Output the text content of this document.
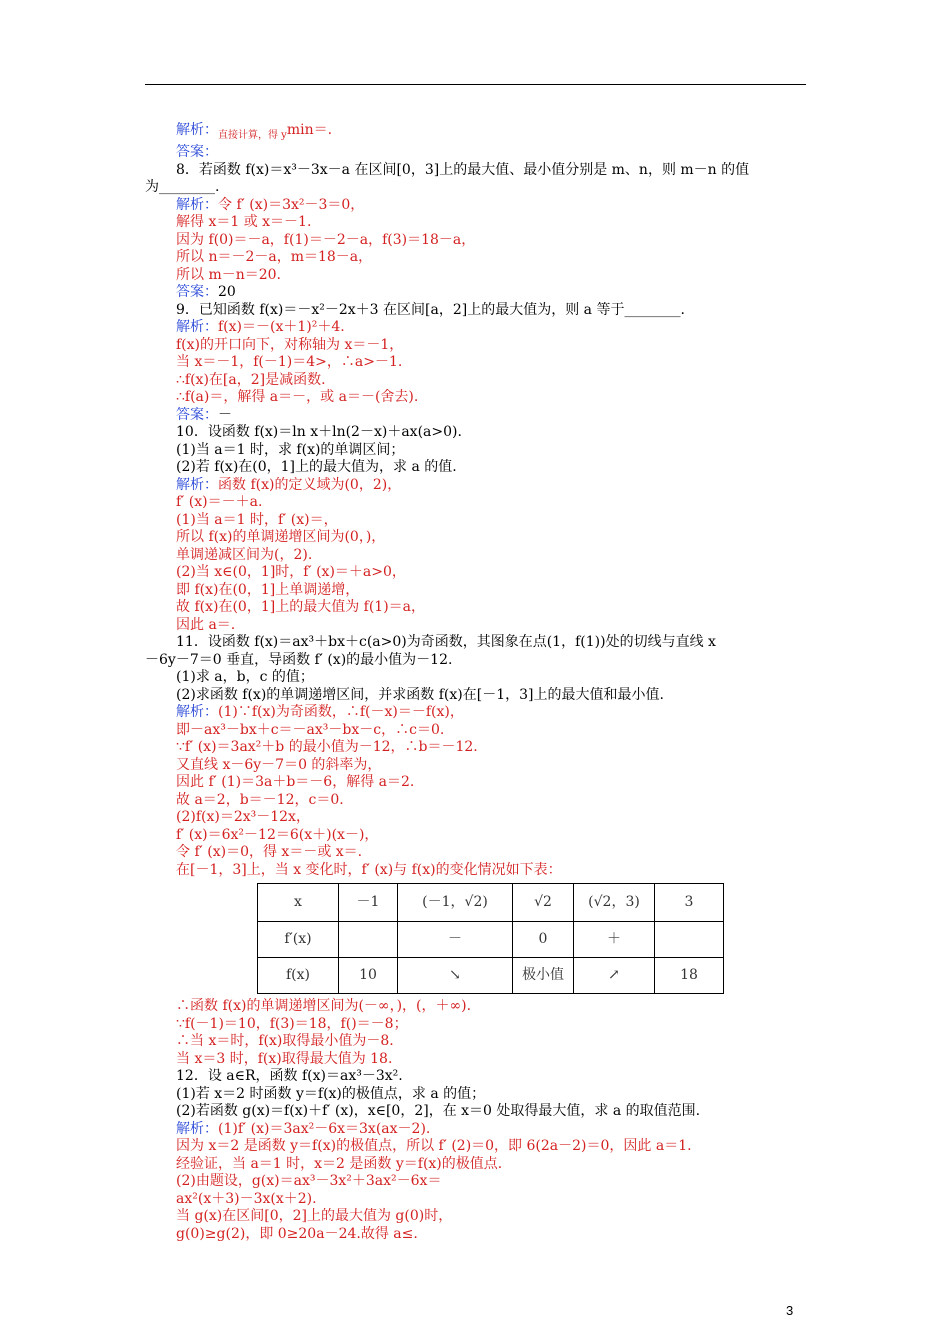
解析：$_{直接计算,得 y}$min＝.
答案：
8．若函数 f(x)＝x³－3x－a 在区间[0，3]上的最大值、最小值分别是 m、n，则 m－n 的值
为________.
解析：令 f′ (x)＝3x²－3＝0，
解得 x＝1 或 x＝－1.
因为 f(0)＝－a，f(1)＝－2－a，f(3)＝18－a，
所以 n＝－2－a，m＝18－a，
所以 m－n＝20.
答案：20
9．已知函数 f(x)＝－x²－2x＋3 在区间[a，2]上的最大值为，则 a 等于________.
解析：f(x)＝－(x＋1)²＋4.
f(x)的开口向下，对称轴为 x＝－1，
当 x＝－1，f(－1)＝4>，∴a>－1.
∴f(x)在[a，2]是减函数.
∴f(a)＝，解得 a＝－，或 a＝－(舍去).
答案：－
10．设函数 f(x)＝ln x＋ln(2－x)＋ax(a>0).
(1)当 a＝1 时，求 f(x)的单调区间；
(2)若 f(x)在(0，1]上的最大值为，求 a 的值.
解析：函数 f(x)的定义域为(0，2)，
f′ (x)＝－＋a.
(1)当 a＝1 时，f′ (x)＝，
所以 f(x)的单调递增区间为(0，)，
单调递减区间为(，2).
(2)当 x∈(0，1]时，f′ (x)＝＋a>0，
即 f(x)在(0，1]上单调递增，
故 f(x)在(0，1]上的最大值为 f(1)＝a，
因此 a＝.
11．设函数 f(x)＝ax³＋bx＋c(a>0)为奇函数，其图象在点(1，f(1))处的切线与直线 x
－6y－7＝0 垂直，导函数 f′ (x)的最小值为－12.
(1)求 a，b，c 的值；
(2)求函数 f(x)的单调递增区间，并求函数 f(x)在[－1，3]上的最大值和最小值.
解析：(1)∵f(x)为奇函数，∴f(－x)＝－f(x)，
即－ax³－bx＋c＝－ax³－bx－c，∴c＝0.
∵f′ (x)＝3ax²＋b 的最小值为－12，∴b＝－12.
又直线 x－6y－7＝0 的斜率为，
因此 f′ (1)＝3a＋b＝－6，解得 a＝2.
故 a＝2，b＝－12，c＝0.
(2)f(x)＝2x³－12x，
f′ (x)＝6x²－12＝6(x＋)(x－)，
令 f′ (x)＝0，得 x＝－或 x＝.
在[－1，3]上，当 x 变化时，f′ (x)与 f(x)的变化情况如下表：
x	－1	(－1，√2)	√2	(√2，3)	3
f′(x)		－	0	＋	
f(x)	10	↘	极小值	↗	18
∴函数 f(x)的单调递增区间为(－∞，)，(，＋∞).
∵f(－1)＝10，f(3)＝18，f()＝－8；
∴当 x＝时，f(x)取得最小值为－8.
当 x＝3 时，f(x)取得最大值为 18.
12．设 a∈R，函数 f(x)＝ax³－3x².
(1)若 x＝2 时函数 y＝f(x)的极值点，求 a 的值；
(2)若函数 g(x)＝f(x)＋f′ (x)，x∈[0，2]，在 x＝0 处取得最大值，求 a 的取值范围.
解析：(1)f′ (x)＝3ax²－6x＝3x(ax－2).
因为 x＝2 是函数 y＝f(x)的极值点，所以 f′ (2)＝0，即 6(2a－2)＝0，因此 a＝1.
经验证，当 a＝1 时，x＝2 是函数 y＝f(x)的极值点.
(2)由题设，g(x)＝ax³－3x²＋3ax²－6x＝
ax²(x＋3)－3x(x＋2).
当 g(x)在区间[0，2]上的最大值为 g(0)时，
g(0)≥g(2)，即 0≥20a－24.故得 a≤.
3
